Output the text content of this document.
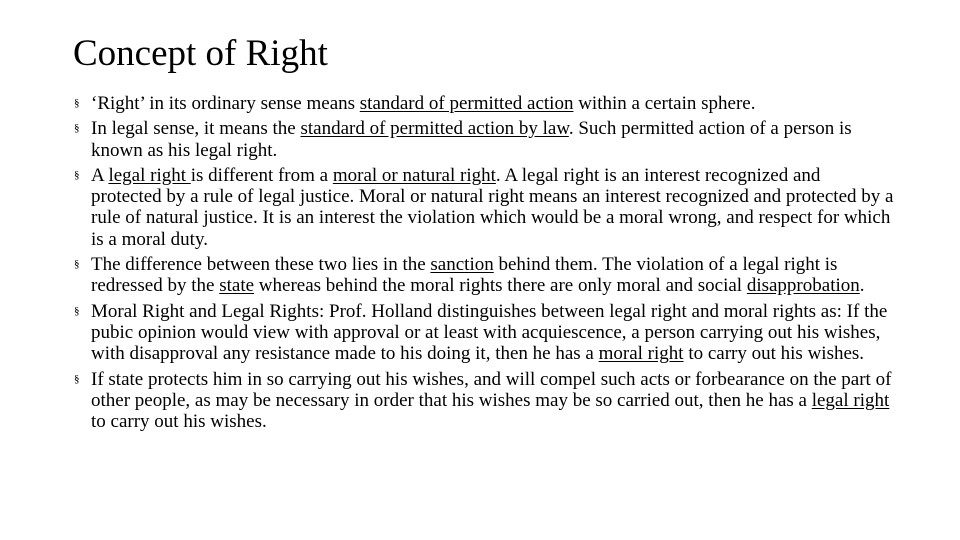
Concept of Right
§
‘Right’ in its ordinary sense means standard of permitted action within a certain sphere.
§
In legal sense, it means the standard of permitted action by law. Such permitted action of a person is known as his legal right.
§
A legal right is different from a moral or natural right. A legal right is an interest recognized and protected by a rule of legal justice. Moral or natural right means an interest recognized and protected by a rule of natural justice. It is an interest the violation which would be a moral wrong, and respect for which is a moral duty.
§
The difference between these two lies in the sanction behind them. The violation of a legal right is redressed by the state whereas behind the moral rights there are only moral and social disapprobation.
§
Moral Right and Legal Rights: Prof. Holland distinguishes between legal right and moral rights as: If the pubic opinion would view with approval or at least with acquiescence, a person carrying out his wishes, with disapproval any resistance made to his doing it, then he has a moral right to carry out his wishes.
§
If state protects him in so carrying out his wishes, and will compel such acts or forbearance on the part of other people, as may be necessary in order that his wishes may be so carried out, then he has a legal right to carry out his wishes.
